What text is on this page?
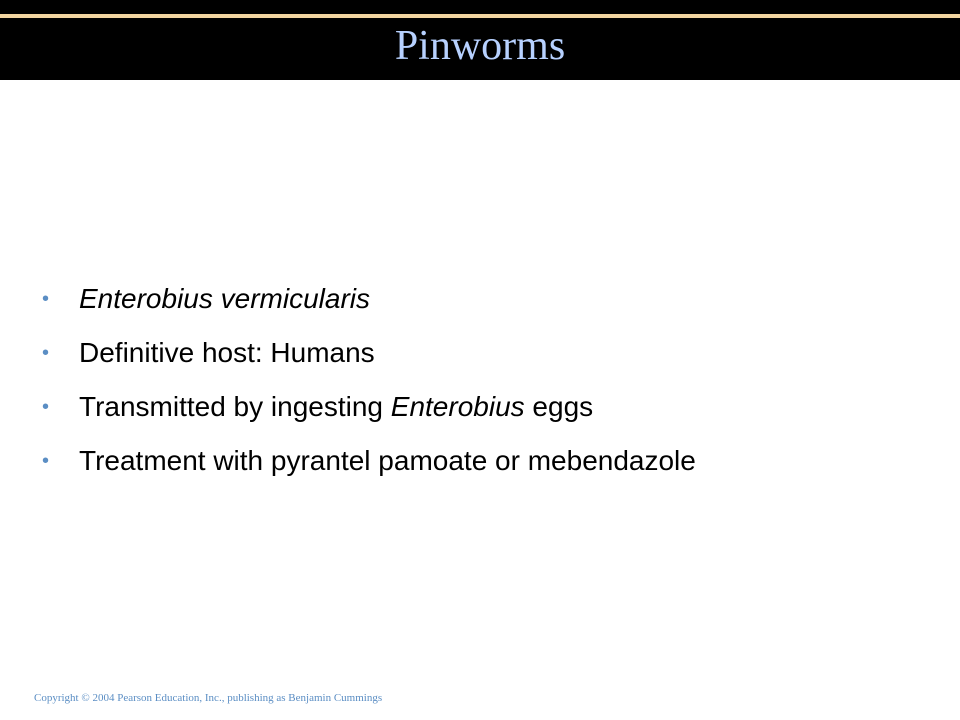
Pinworms
• Enterobius vermicularis
• Definitive host: Humans
• Transmitted by ingesting Enterobius eggs
• Treatment with pyrantel pamoate or mebendazole
Copyright © 2004 Pearson Education, Inc., publishing as Benjamin Cummings
